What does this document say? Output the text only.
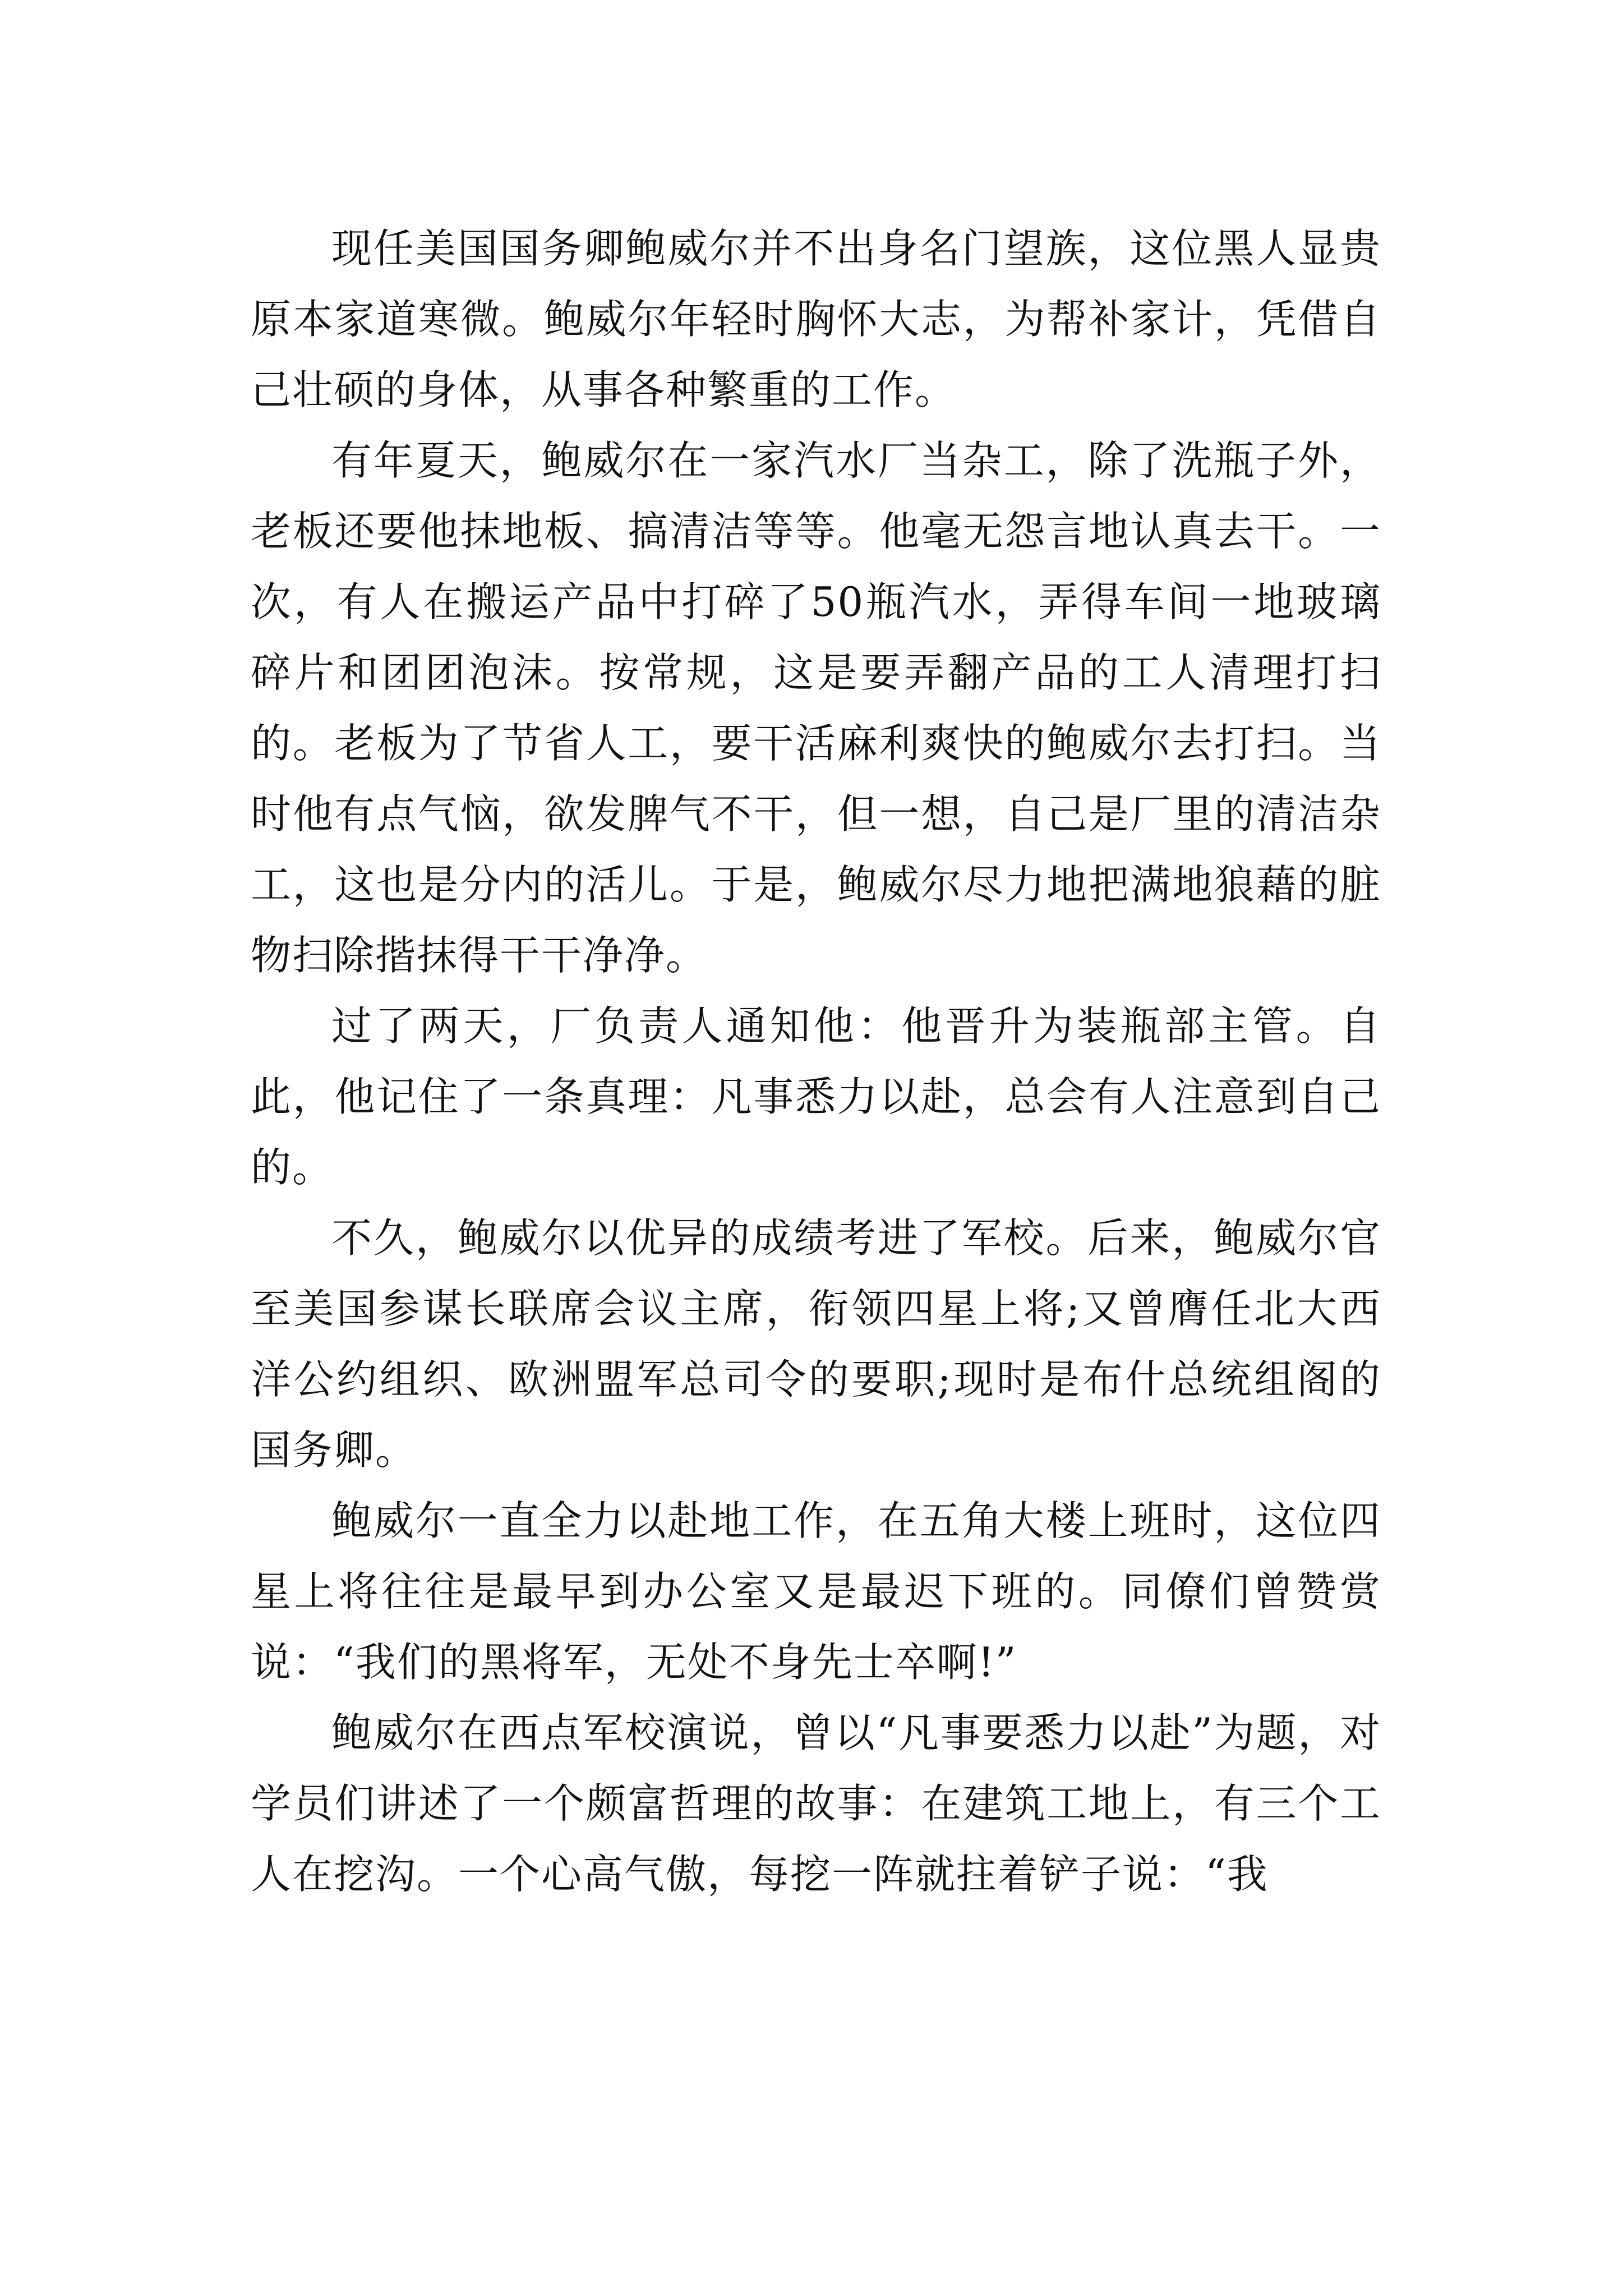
现任美国国务卿鲍威尔并不出身名门望族，这位黑人显贵原本家道寒微。鲍威尔年轻时胸怀大志，为帮补家计，凭借自己壮硕的身体，从事各种繁重的工作。

有年夏天，鲍威尔在一家汽水厂当杂工，除了洗瓶子外，老板还要他抹地板、搞清洁等等。他毫无怨言地认真去干。一次，有人在搬运产品中打碎了50瓶汽水，弄得车间一地玻璃碎片和团团泡沫。按常规，这是要弄翻产品的工人清理打扫的。老板为了节省人工，要干活麻利爽快的鲍威尔去打扫。当时他有点气恼，欲发脾气不干，但一想，自己是厂里的清洁杂工，这也是分内的活儿。于是，鲍威尔尽力地把满地狼藉的脏物扫除揩抹得干干净净。

过了两天，厂负责人通知他：他晋升为装瓶部主管。自此，他记住了一条真理：凡事悉力以赴，总会有人注意到自己的。

不久，鲍威尔以优异的成绩考进了军校。后来，鲍威尔官至美国参谋长联席会议主席，衔领四星上将;又曾膺任北大西洋公约组织、欧洲盟军总司令的要职;现时是布什总统组阁的国务卿。

鲍威尔一直全力以赴地工作，在五角大楼上班时，这位四星上将往往是最早到办公室又是最迟下班的。同僚们曾赞赏说：“我们的黑将军，无处不身先士卒啊!”

鲍威尔在西点军校演说，曾以“凡事要悉力以赴”为题，对学员们讲述了一个颇富哲理的故事：在建筑工地上，有三个工人在挖沟。一个心高气傲，每挖一阵就拄着铲子说：“我
